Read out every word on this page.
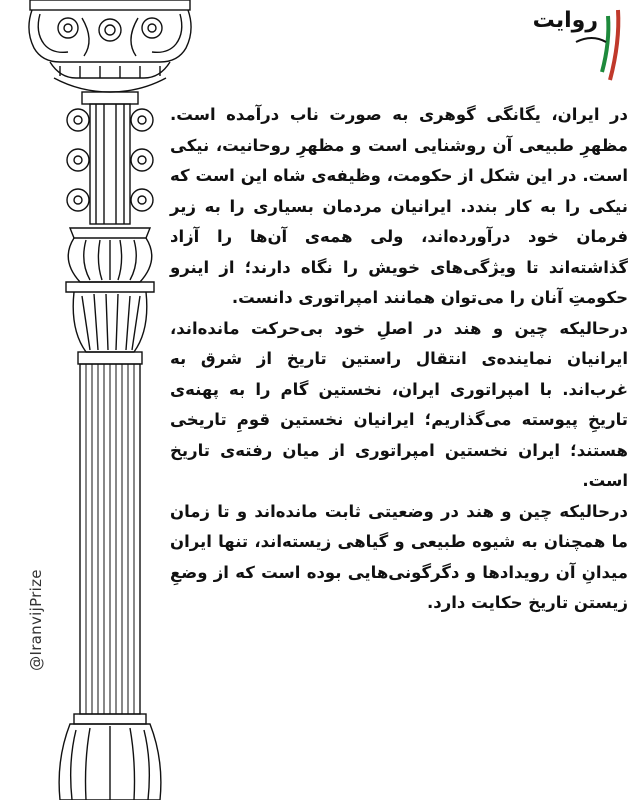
@IranvijPrize
روایت

در ایران، یگانگی گوهری به صورت ناب درآمده است. مظهرِ طبیعی آن روشنایی است و مظهرِ روحانیت، نیکی است. در این شکل از حکومت، وظیفه‌ی شاه این است که نیکی را به کار بندد. ایرانیان مردمان بسیاری را به زیر فرمان خود درآورده‌اند، ولی همه‌ی آن‌ها را آزاد گذاشته‌اند تا ویژگی‌های خویش را نگاه دارند؛ از اینرو حکومتِ آنان را می‌توان همانند امپراتوری دانست.

درحالیکه چین و هند در اصلِ خود بی‌حرکت مانده‌اند، ایرانیان نماینده‌ی انتقال راستین تاریخ از شرق به غرب‌اند. با امپراتوری ایران، نخستین گام را به پهنه‌ی تاریخِ پیوسته می‌گذاریم؛ ایرانیان نخستین قومِ تاریخی هستند؛ ایران نخستین امپراتوری از میان رفته‌ی تاریخ است.

درحالیکه چین و هند در وضعیتی ثابت مانده‌اند و تا زمان ما همچنان به شیوه طبیعی و گیاهی زیسته‌اند، تنها ایران میدانِ آن رویدادها و دگرگونی‌هایی بوده است که از وضعِ زیستن تاریخ حکایت دارد.
